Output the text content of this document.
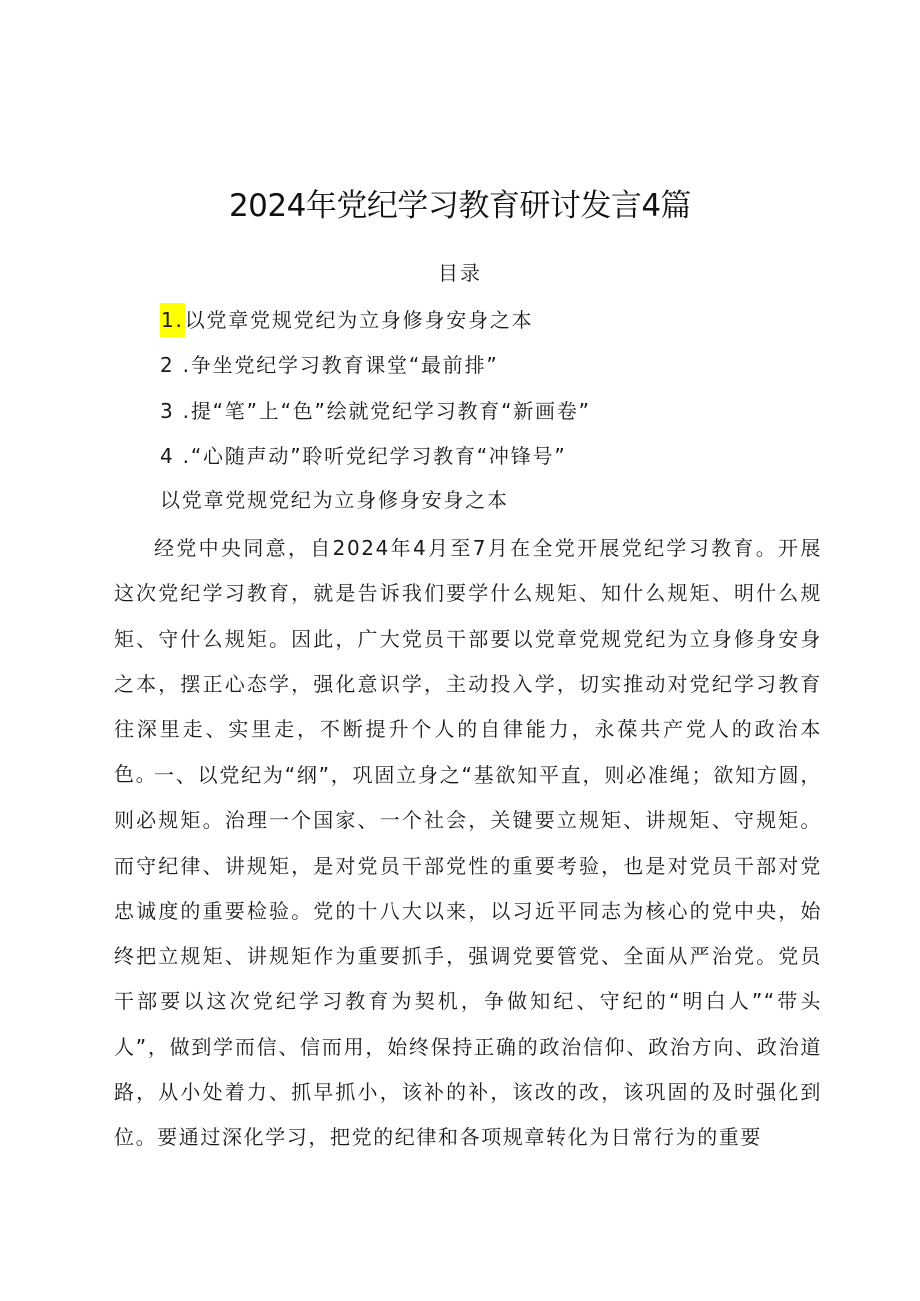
2024年党纪学习教育研讨发言4篇
目录
1.以党章党规党纪为立身修身安身之本
2 .争坐党纪学习教育课堂“最前排”
3 .提“笔”上“色”绘就党纪学习教育“新画卷”
4 .“心随声动”聆听党纪学习教育“冲锋号”
以党章党规党纪为立身修身安身之本

经党中央同意，自2024年4月至7月在全党开展党纪学习教育。开展这次党纪学习教育，就是告诉我们要学什么规矩、知什么规矩、明什么规矩、守什么规矩。因此，广大党员干部要以党章党规党纪为立身修身安身之本，摆正心态学，强化意识学，主动投入学，切实推动对党纪学习教育往深里走、实里走，不断提升个人的自律能力，永葆共产党人的政治本色。

一、以党纪为“纲”，巩固立身之“基欲知平直，则必准绳；欲知方圆，则必规矩。治理一个国家、一个社会，关键要立规矩、讲规矩、守规矩。而守纪律、讲规矩，是对党员干部党性的重要考验，也是对党员干部对党忠诚度的重要检验。党的十八大以来，以习近平同志为核心的党中央，始终把立规矩、讲规矩作为重要抓手，强调党要管党、全面从严治党。党员干部要以这次党纪学习教育为契机，争做知纪、守纪的“明白人”“带头人”，做到学而信、信而用，始终保持正确的政治信仰、政治方向、政治道路，从小处着力、抓早抓小，该补的补，该改的改，该巩固的及时强化到位。要通过深化学习，把党的纪律和各项规章转化为日常行为的重要
